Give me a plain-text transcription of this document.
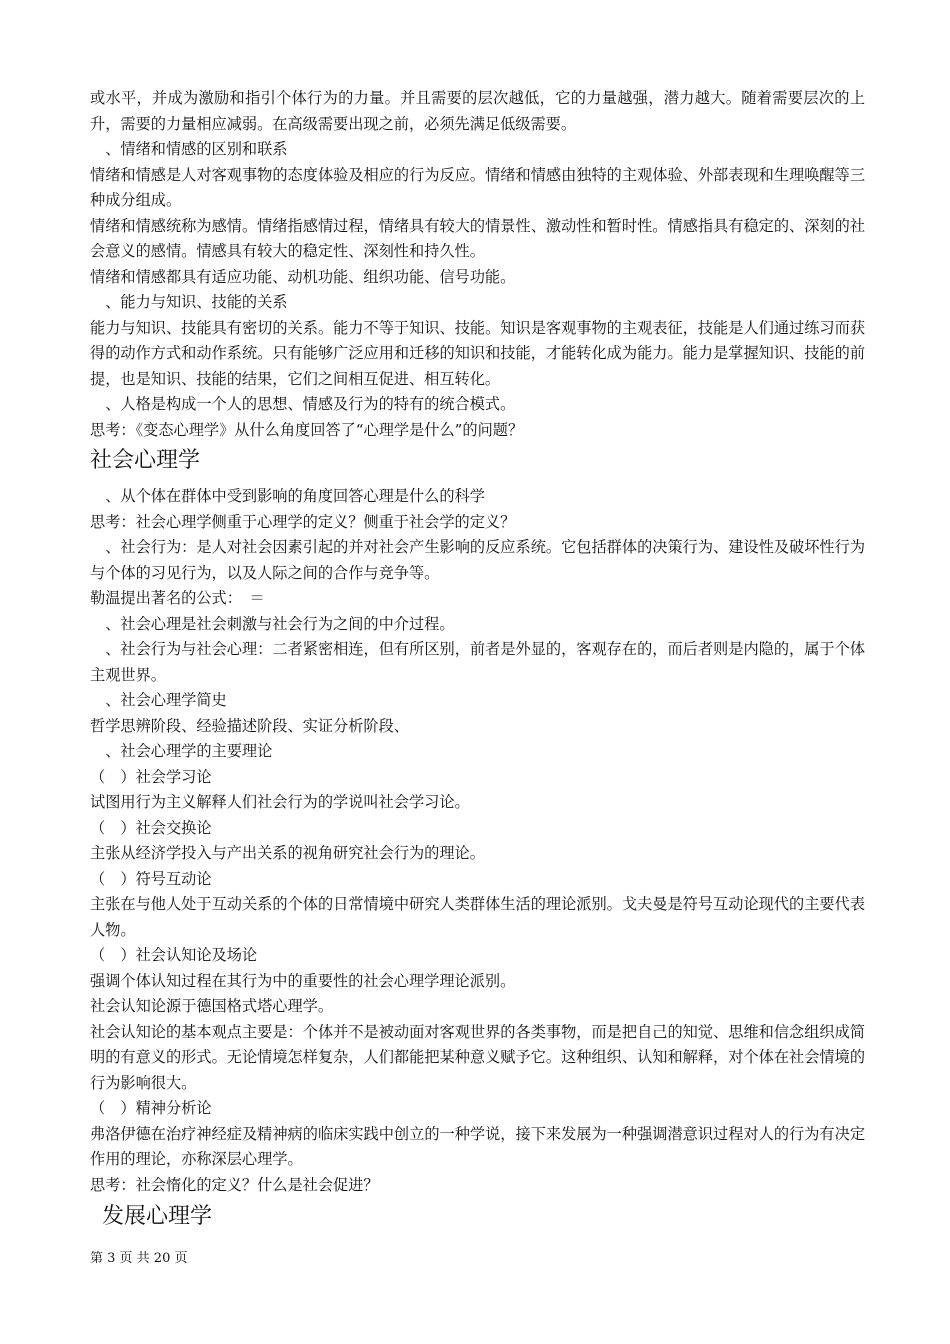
或水平，并成为激励和指引个体行为的力量。并且需要的层次越低，它的力量越强，潜力越大。随着需要层次的上升，需要的力量相应减弱。在高级需要出现之前，必须先满足低级需要。

　、情绪和情感的区别和联系

情绪和情感是人对客观事物的态度体验及相应的行为反应。情绪和情感由独特的主观体验、外部表现和生理唤醒等三种成分组成。

情绪和情感统称为感情。情绪指感情过程，情绪具有较大的情景性、激动性和暂时性。情感指具有稳定的、深刻的社会意义的感情。情感具有较大的稳定性、深刻性和持久性。

情绪和情感都具有适应功能、动机功能、组织功能、信号功能。

　、能力与知识、技能的关系

能力与知识、技能具有密切的关系。能力不等于知识、技能。知识是客观事物的主观表征，技能是人们通过练习而获得的动作方式和动作系统。只有能够广泛应用和迁移的知识和技能，才能转化成为能力。能力是掌握知识、技能的前提，也是知识、技能的结果，它们之间相互促进、相互转化。

　、人格是构成一个人的思想、情感及行为的特有的统合模式。

思考：《变态心理学》从什么角度回答了“心理学是什么”的问题？

社会心理学

　、从个体在群体中受到影响的角度回答心理是什么的科学

思考：社会心理学侧重于心理学的定义？侧重于社会学的定义？

　、社会行为：是人对社会因素引起的并对社会产生影响的反应系统。它包括群体的决策行为、建设性及破坏性行为与个体的习见行为，以及人际之间的合作与竞争等。

勒温提出著名的公式：　＝

　、社会心理是社会刺激与社会行为之间的中介过程。

　、社会行为与社会心理：二者紧密相连，但有所区别，前者是外显的，客观存在的，而后者则是内隐的，属于个体主观世界。

　、社会心理学简史

哲学思辨阶段、经验描述阶段、实证分析阶段、

　、社会心理学的主要理论

（　）社会学习论

试图用行为主义解释人们社会行为的学说叫社会学习论。

（　）社会交换论

主张从经济学投入与产出关系的视角研究社会行为的理论。

（　）符号互动论

主张在与他人处于互动关系的个体的日常情境中研究人类群体生活的理论派别。戈夫曼是符号互动论现代的主要代表人物。

（　）社会认知论及场论

强调个体认知过程在其行为中的重要性的社会心理学理论派别。

社会认知论源于德国格式塔心理学。

社会认知论的基本观点主要是：个体并不是被动面对客观世界的各类事物，而是把自己的知觉、思维和信念组织成简明的有意义的形式。无论情境怎样复杂，人们都能把某种意义赋予它。这种组织、认知和解释，对个体在社会情境的行为影响很大。

（　）精神分析论

弗洛伊德在治疗神经症及精神病的临床实践中创立的一种学说，接下来发展为一种强调潜意识过程对人的行为有决定作用的理论，亦称深层心理学。

思考：社会惰化的定义？什么是社会促进？

发展心理学
第 3 页 共 20 页
